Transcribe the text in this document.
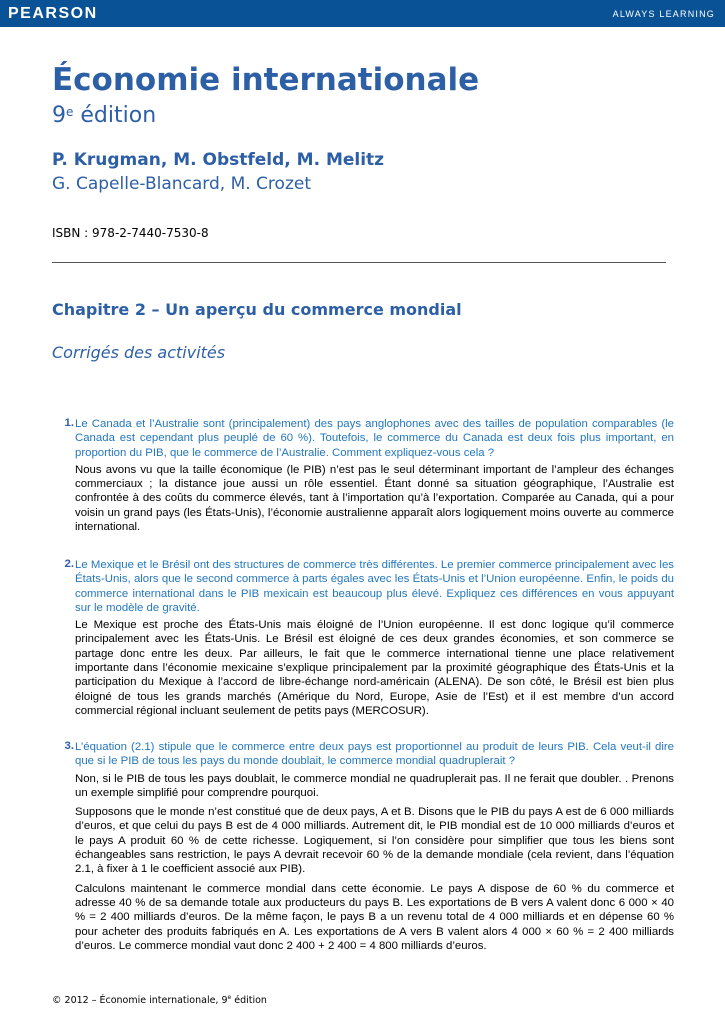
PEARSON	ALWAYS LEARNING
Économie internationale
9e édition
P. Krugman, M. Obstfeld, M. Melitz
G. Capelle-Blancard, M. Crozet
ISBN : 978-2-7440-7530-8
Chapitre 2 – Un aperçu du commerce mondial
Corrigés des activités
1. Le Canada et l’Australie sont (principalement) des pays anglophones avec des tailles de population comparables (le Canada est cependant plus peuplé de 60 %). Toutefois, le commerce du Canada est deux fois plus important, en proportion du PIB, que le commerce de l’Australie. Comment expliquez-vous cela ?
Nous avons vu que la taille économique (le PIB) n’est pas le seul déterminant important de l’ampleur des échanges commerciaux ; la distance joue aussi un rôle essentiel. Étant donné sa situation géographique, l’Australie est confrontée à des coûts du commerce élevés, tant à l’importation qu’à l’exportation. Comparée au Canada, qui a pour voisin un grand pays (les États-Unis), l’économie australienne apparaît alors logiquement moins ouverte au commerce international.
2. Le Mexique et le Brésil ont des structures de commerce très différentes. Le premier commerce principalement avec les États-Unis, alors que le second commerce à parts égales avec les États-Unis et l’Union européenne. Enfin, le poids du commerce international dans le PIB mexicain est beaucoup plus élevé. Expliquez ces différences en vous appuyant sur le modèle de gravité.
Le Mexique est proche des États-Unis mais éloigné de l’Union européenne. Il est donc logique qu’il commerce principalement avec les États-Unis. Le Brésil est éloigné de ces deux grandes économies, et son commerce se partage donc entre les deux. Par ailleurs, le fait que le commerce international tienne une place relativement importante dans l’économie mexicaine s’explique principalement par la proximité géographique des États-Unis et la participation du Mexique à l’accord de libre-échange nord-américain (ALENA). De son côté, le Brésil est bien plus éloigné de tous les grands marchés (Amérique du Nord, Europe, Asie de l’Est) et il est membre d’un accord commercial régional incluant seulement de petits pays (MERCOSUR).
3. L’équation (2.1) stipule que le commerce entre deux pays est proportionnel au produit de leurs PIB. Cela veut-il dire que si le PIB de tous les pays du monde doublait, le commerce mondial quadruplerait ?
Non, si le PIB de tous les pays doublait, le commerce mondial ne quadruplerait pas. Il ne ferait que doubler. . Prenons un exemple simplifié pour comprendre pourquoi.
Supposons que le monde n’est constitué que de deux pays, A et B. Disons que le PIB du pays A est de 6 000 milliards d’euros, et que celui du pays B est de 4 000 milliards. Autrement dit, le PIB mondial est de 10 000 milliards d’euros et le pays A produit 60 % de cette richesse. Logiquement, si l’on considère pour simplifier que tous les biens sont échangeables sans restriction, le pays A devrait recevoir 60 % de la demande mondiale (cela revient, dans l’équation 2.1, à fixer à 1 le coefficient associé aux PIB).
Calculons maintenant le commerce mondial dans cette économie. Le pays A dispose de 60 % du commerce et adresse 40 % de sa demande totale aux producteurs du pays B. Les exportations de B vers A valent donc 6 000 × 40 % = 2 400 milliards d’euros. De la même façon, le pays B a un revenu total de 4 000 milliards et en dépense 60 % pour acheter des produits fabriqués en A. Les exportations de A vers B valent alors 4 000 × 60 % = 2 400 milliards d’euros. Le commerce mondial vaut donc 2 400 + 2 400 = 4 800 milliards d’euros.
© 2012 – Économie internationale, 9e édition
